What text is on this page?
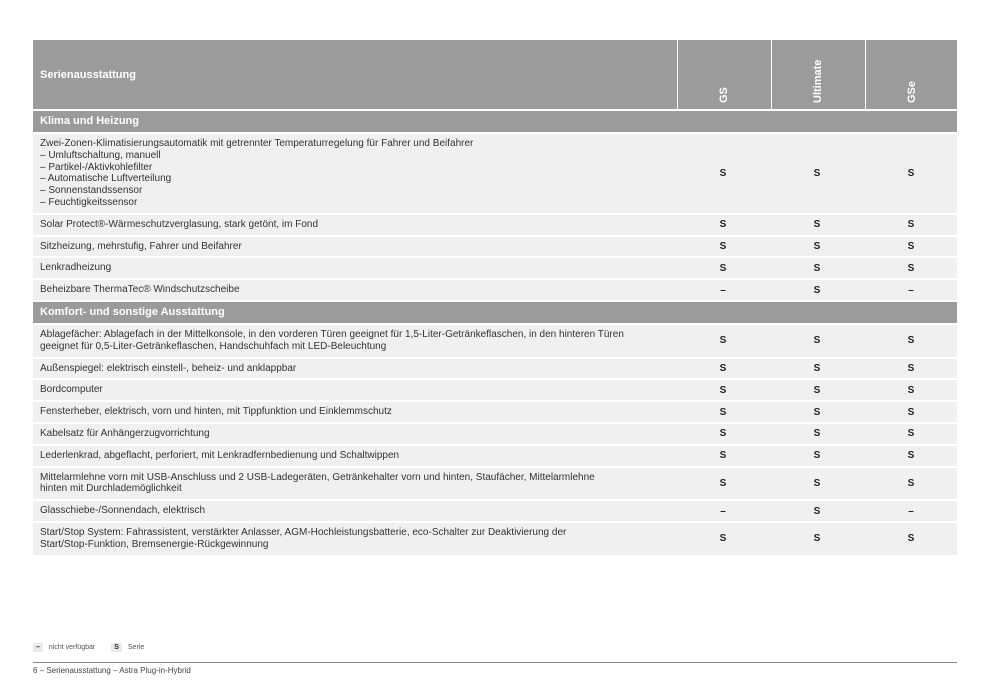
Serienausstattung
GS	Ultimate	GSe
Klima und Heizung
Zwei-Zonen-Klimatisierungsautomatik mit getrennter Temperaturregelung für Fahrer und Beifahrer
– Umluftschaltung, manuell
– Partikel-/Aktivkohlefilter
– Automatische Luftverteilung
– Sonnenstandssensor
– Feuchtigkeitssensor
S	S	S
Solar Protect®-Wärmeschutzverglasung, stark getönt, im Fond	S	S	S
Sitzheizung, mehrstufig, Fahrer und Beifahrer	S	S	S
Lenkradheizung	S	S	S
Beheizbare ThermaTec® Windschutzscheibe	–	S	–
Komfort- und sonstige Ausstattung
Ablagefächer: Ablagefach in der Mittelkonsole, in den vorderen Türen geeignet für 1,5-Liter-Getränkeflaschen, in den hinteren Türen
geeignet für 0,5-Liter-Getränkeflaschen, Handschuhfach mit LED-Beleuchtung	S	S	S
Außenspiegel: elektrisch einstell-, beheiz- und anklappbar	S	S	S
Bordcomputer	S	S	S
Fensterheber, elektrisch, vorn und hinten, mit Tippfunktion und Einklemmschutz	S	S	S
Kabelsatz für Anhängerzugvorrichtung	S	S	S
Lederlenkrad, abgeflacht, perforiert, mit Lenkradfernbedienung und Schaltwippen	S	S	S
Mittelarmlehne vorn mit USB-Anschluss und 2 USB-Ladegeräten, Getränkehalter vorn und hinten, Staufächer, Mittelarmlehne
hinten mit Durchlademöglichkeit	S	S	S
Glasschiebe-/Sonnendach, elektrisch	–	S	–
Start/Stop System: Fahrassistent, verstärkter Anlasser, AGM-Hochleistungsbatterie, eco-Schalter zur Deaktivierung der
Start/Stop-Funktion, Bremsenergie-Rückgewinnung	S	S	S
–	nicht verfügbar	S	Serie
6 – Serienausstattung – Astra Plug-in-Hybrid
